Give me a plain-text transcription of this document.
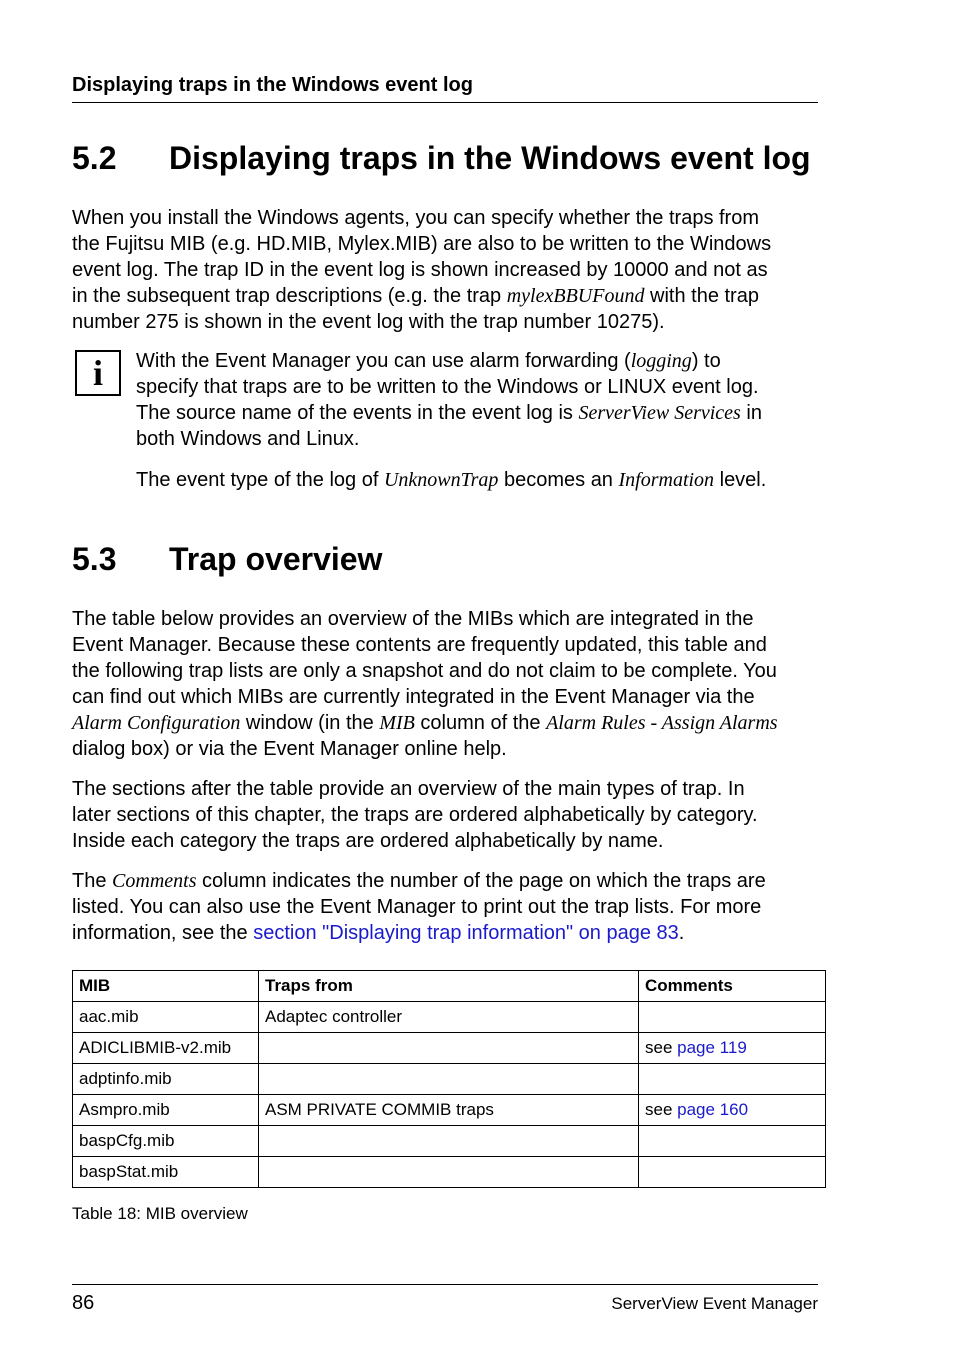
Displaying traps in the Windows event log
5.2 Displaying traps in the Windows event log
When you install the Windows agents, you can specify whether the traps from
the Fujitsu MIB (e.g. HD.MIB, Mylex.MIB) are also to be written to the Windows
event log. The trap ID in the event log is shown increased by 10000 and not as
in the subsequent trap descriptions (e.g. the trap mylexBBUFound with the trap
number 275 is shown in the event log with the trap number 10275).
i With the Event Manager you can use alarm forwarding (logging) to
specify that traps are to be written to the Windows or LINUX event log.
The source name of the events in the event log is ServerView Services in
both Windows and Linux.
The event type of the log of UnknownTrap becomes an Information level.
5.3 Trap overview
The table below provides an overview of the MIBs which are integrated in the
Event Manager. Because these contents are frequently updated, this table and
the following trap lists are only a snapshot and do not claim to be complete. You
can find out which MIBs are currently integrated in the Event Manager via the
Alarm Configuration window (in the MIB column of the Alarm Rules - Assign Alarms
dialog box) or via the Event Manager online help.
The sections after the table provide an overview of the main types of trap. In
later sections of this chapter, the traps are ordered alphabetically by category.
Inside each category the traps are ordered alphabetically by name.
The Comments column indicates the number of the page on which the traps are
listed. You can also use the Event Manager to print out the trap lists. For more
information, see the section "Displaying trap information" on page 83.
MIB	Traps from	Comments
aac.mib	Adaptec controller	
ADICLIBMIB-v2.mib		see page 119
adptinfo.mib		
Asmpro.mib	ASM PRIVATE COMMIB traps	see page 160
baspCfg.mib		
baspStat.mib		
Table 18: MIB overview
86	ServerView Event Manager
